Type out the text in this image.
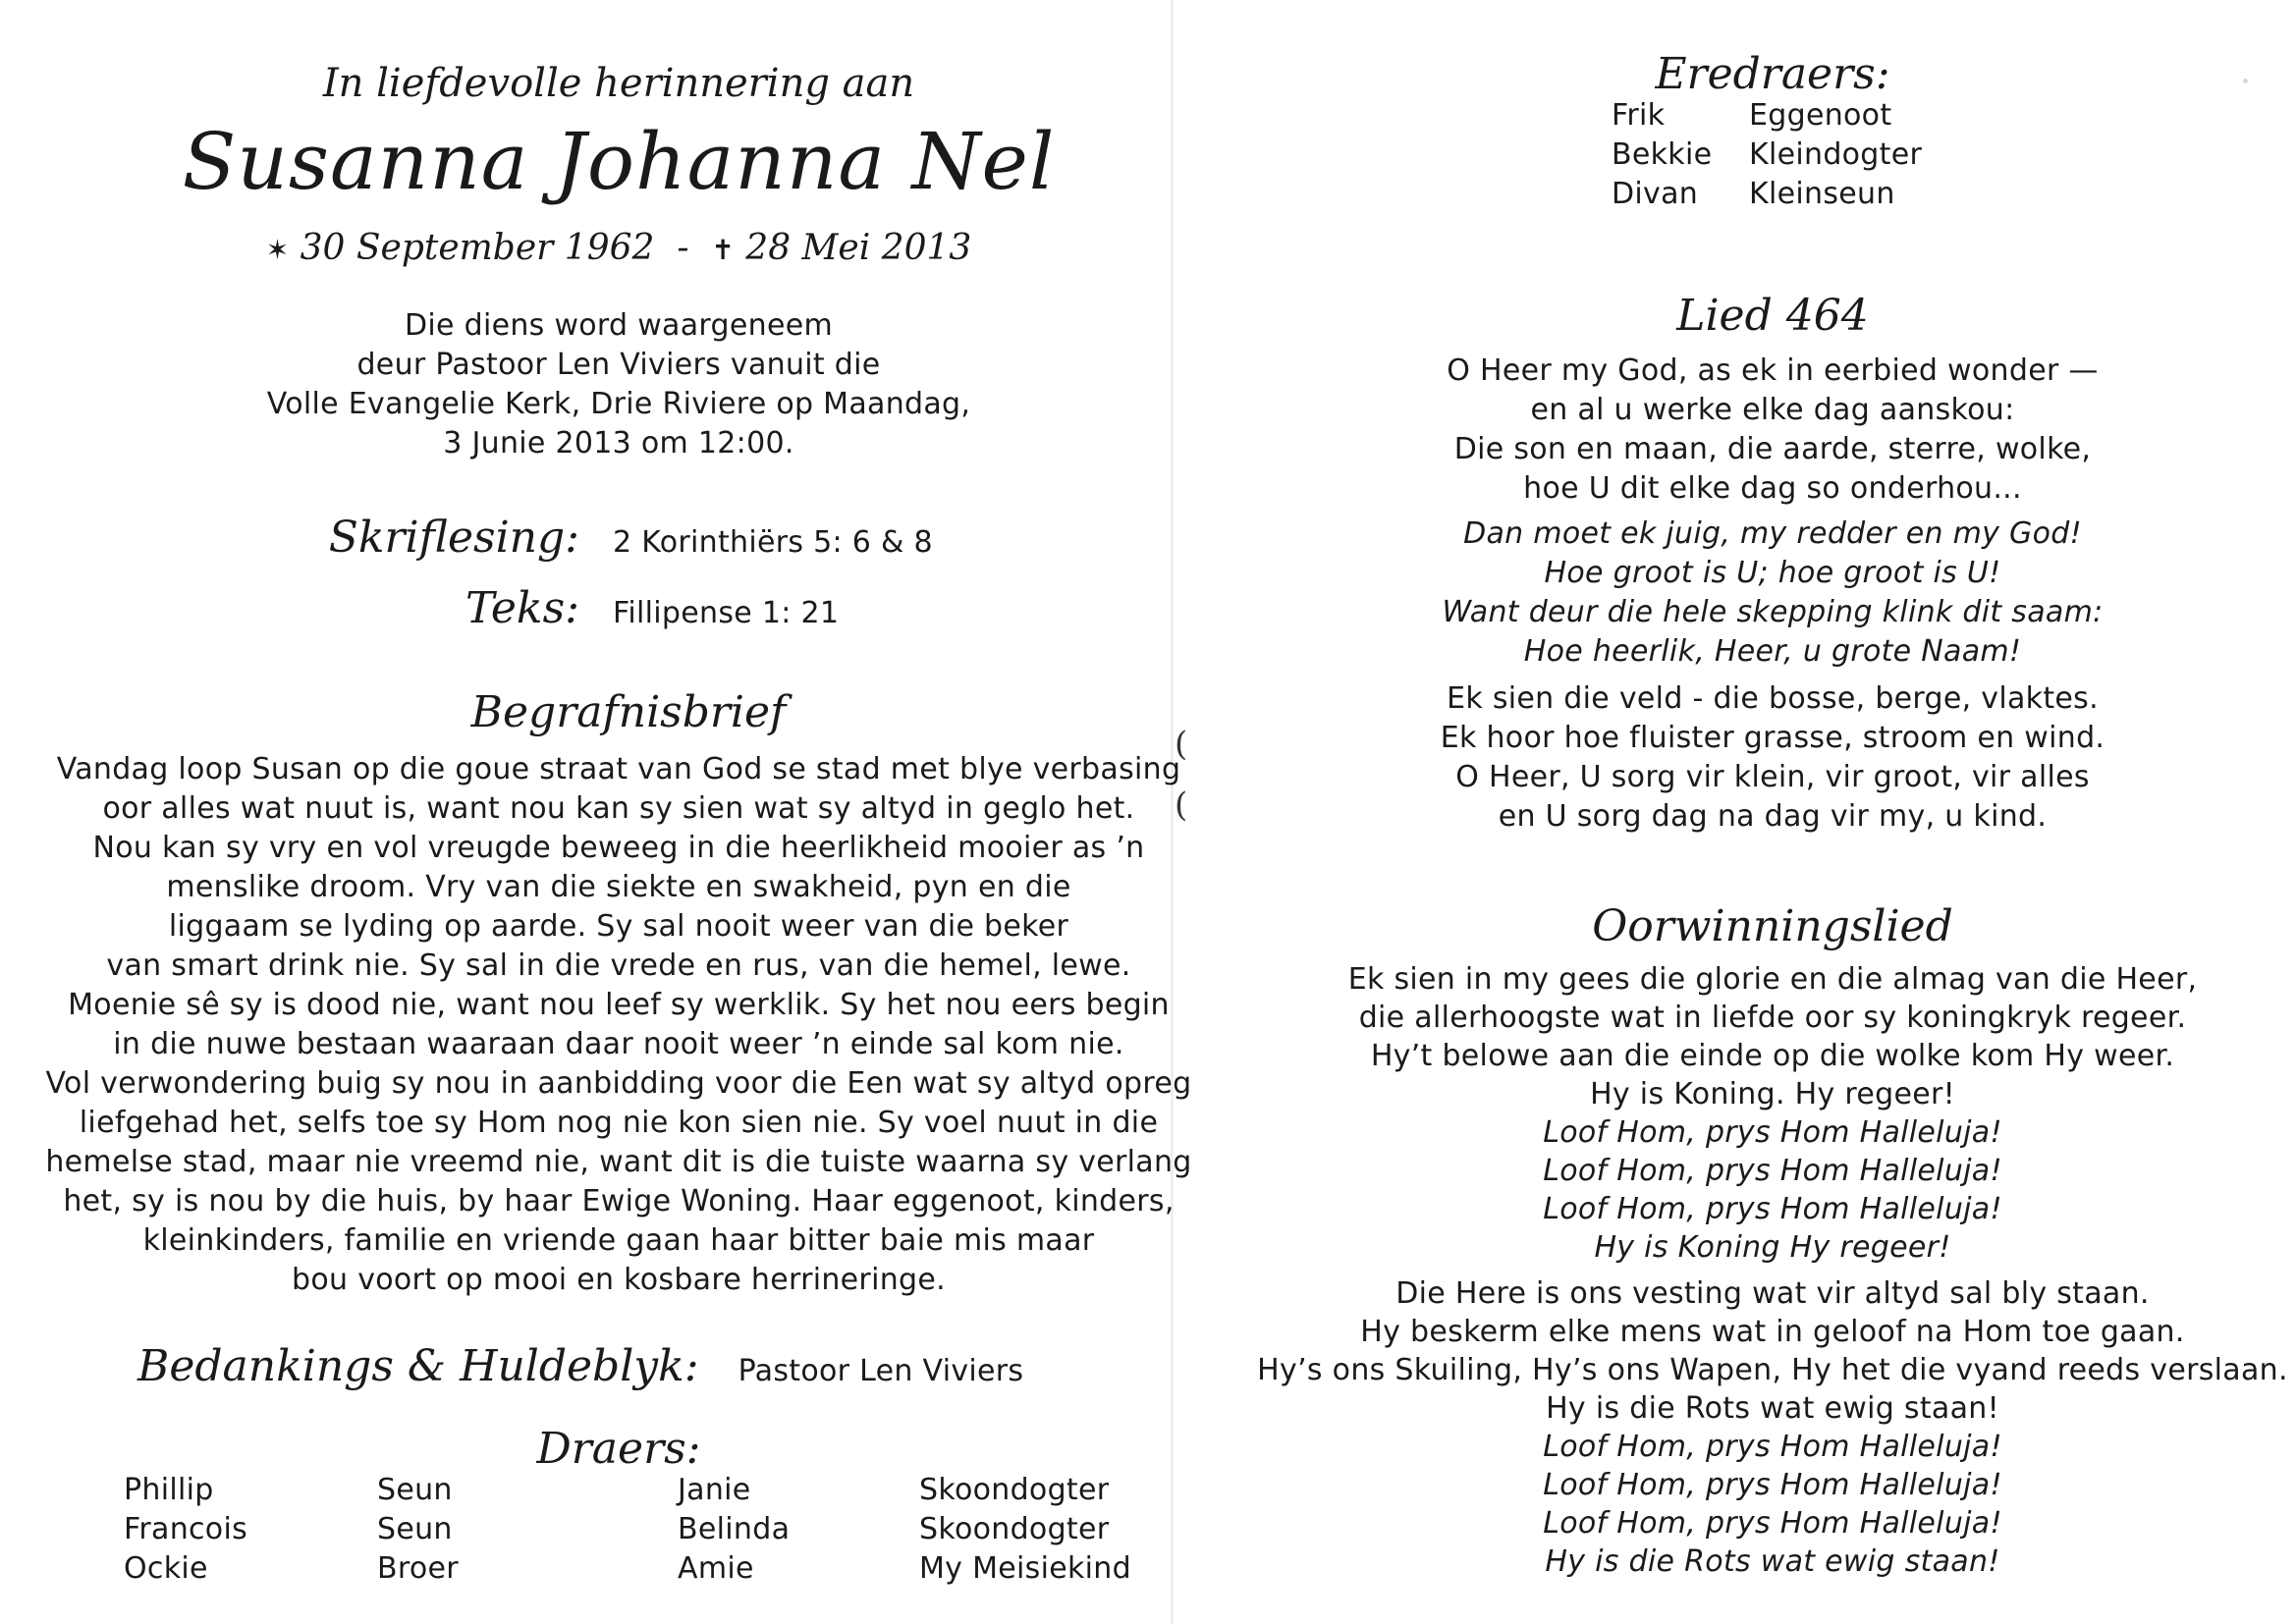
In liefdevolle herinnering aan
Susanna Johanna Nel
✶ 30 September 1962 - ✝ 28 Mei 2013
Die diens word waargeneem
deur Pastoor Len Viviers vanuit die
Volle Evangelie Kerk, Drie Riviere op Maandag,
3 Junie 2013 om 12:00.
Skriflesing: 2 Korinthiërs 5: 6 & 8
Teks: Fillipense 1: 21
Begrafnisbrief
Vandag loop Susan op die goue straat van God se stad met blye verbasing
oor alles wat nuut is, want nou kan sy sien wat sy altyd in geglo het.
Nou kan sy vry en vol vreugde beweeg in die heerlikheid mooier as ’n
menslike droom. Vry van die siekte en swakheid, pyn en die
liggaam se lyding op aarde. Sy sal nooit weer van die beker
van smart drink nie. Sy sal in die vrede en rus, van die hemel, lewe.
Moenie sê sy is dood nie, want nou leef sy werklik. Sy het nou eers begin
in die nuwe bestaan waaraan daar nooit weer ’n einde sal kom nie.
Vol verwondering buig sy nou in aanbidding voor die Een wat sy altyd opreg
liefgehad het, selfs toe sy Hom nog nie kon sien nie. Sy voel nuut in die
hemelse stad, maar nie vreemd nie, want dit is die tuiste waarna sy verlang
het, sy is nou by die huis, by haar Ewige Woning. Haar eggenoot, kinders,
kleinkinders, familie en vriende gaan haar bitter baie mis maar
bou voort op mooi en kosbare herrineringe.
Bedankings & Huldeblyk: Pastoor Len Viviers
Draers:
Phillip	Seun	Janie	Skoondogter
Francois	Seun	Belinda	Skoondogter
Ockie	Broer	Amie	My Meisiekind
(
(
Eredraers:
Frik	Eggenoot
Bekkie Kleindogter
Divan Kleinseun
Lied 464
O Heer my God, as ek in eerbied wonder —
en al u werke elke dag aanskou:
Die son en maan, die aarde, sterre, wolke,
hoe U dit elke dag so onderhou...
Dan moet ek juig, my redder en my God!
Hoe groot is U; hoe groot is U!
Want deur die hele skepping klink dit saam:
Hoe heerlik, Heer, u grote Naam!
Ek sien die veld - die bosse, berge, vlaktes.
Ek hoor hoe fluister grasse, stroom en wind.
O Heer, U sorg vir klein, vir groot, vir alles
en U sorg dag na dag vir my, u kind.
Oorwinningslied
Ek sien in my gees die glorie en die almag van die Heer,
die allerhoogste wat in liefde oor sy koningkryk regeer.
Hy’t belowe aan die einde op die wolke kom Hy weer.
Hy is Koning. Hy regeer!
Loof Hom, prys Hom Halleluja!
Loof Hom, prys Hom Halleluja!
Loof Hom, prys Hom Halleluja!
Hy is Koning Hy regeer!
Die Here is ons vesting wat vir altyd sal bly staan.
Hy beskerm elke mens wat in geloof na Hom toe gaan.
Hy’s ons Skuiling, Hy’s ons Wapen, Hy het die vyand reeds verslaan.
Hy is die Rots wat ewig staan!
Loof Hom, prys Hom Halleluja!
Loof Hom, prys Hom Halleluja!
Loof Hom, prys Hom Halleluja!
Hy is die Rots wat ewig staan!
